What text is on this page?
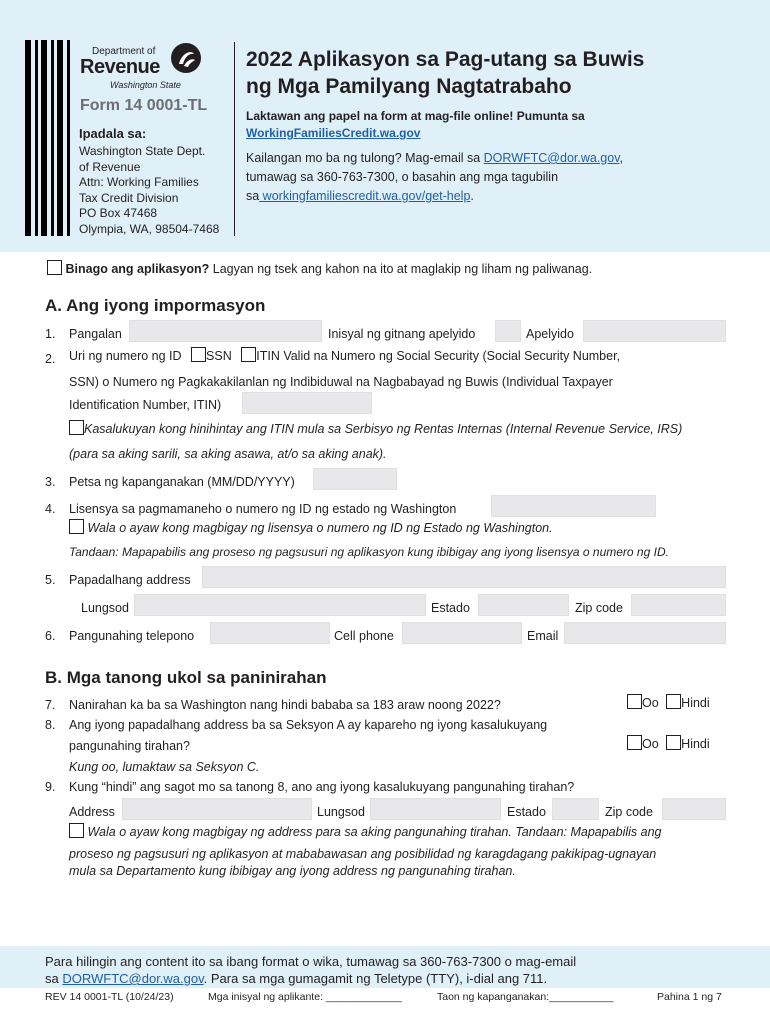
Department of
Revenue
Washington State
Form 14 0001-TL
Ipadala sa:
Washington State Dept.
of Revenue
Attn: Working Families
Tax Credit Division
PO Box 47468
Olympia, WA, 98504-7468
2022 Aplikasyon sa Pag-utang sa Buwis
ng Mga Pamilyang Nagtatrabaho
Laktawan ang papel na form at mag-file online! Pumunta sa
WorkingFamiliesCredit.wa.gov
Kailangan mo ba ng tulong? Mag-email sa DORWFTC@dor.wa.gov,
tumawag sa 360-763-7300, o basahin ang mga tagubilin
sa workingfamiliescredit.wa.gov/get-help.
Binago ang aplikasyon? Lagyan ng tsek ang kahon na ito at maglakip ng liham ng paliwanag.
A. Ang iyong impormasyon
1. Pangalan	Inisyal ng gitnang apelyido	Apelyido
2. Uri ng numero ng ID SSN ITIN Valid na Numero ng Social Security (Social Security Number,
SSN) o Numero ng Pagkakakilanlan ng Indibiduwal na Nagbabayad ng Buwis (Individual Taxpayer
Identification Number, ITIN)
Kasalukuyan kong hinihintay ang ITIN mula sa Serbisyo ng Rentas Internas (Internal Revenue Service, IRS)
(para sa aking sarili, sa aking asawa, at/o sa aking anak).
3. Petsa ng kapanganakan (MM/DD/YYYY)
4. Lisensya sa pagmamaneho o numero ng ID ng estado ng Washington
Wala o ayaw kong magbigay ng lisensya o numero ng ID ng Estado ng Washington.
Tandaan: Mapapabilis ang proseso ng pagsusuri ng aplikasyon kung ibibigay ang iyong lisensya o numero ng ID.
5. Papadalhang address
Lungsod	Estado	Zip code
6. Pangunahing telepono	Cell phone	Email
B. Mga tanong ukol sa paninirahan
7. Nanirahan ka ba sa Washington nang hindi bababa sa 183 araw noong 2022?	Oo Hindi
8. Ang iyong papadalhang address ba sa Seksyon A ay kapareho ng iyong kasalukuyang
pangunahing tirahan?	Oo Hindi
Kung oo, lumaktaw sa Seksyon C.
9. Kung “hindi” ang sagot mo sa tanong 8, ano ang iyong kasalukuyang pangunahing tirahan?
Address	Lungsod	Estado	Zip code
Wala o ayaw kong magbigay ng address para sa aking pangunahing tirahan. Tandaan: Mapapabilis ang
proseso ng pagsusuri ng aplikasyon at mababawasan ang posibilidad ng karagdagang pakikipag-ugnayan
mula sa Departamento kung ibibigay ang iyong address ng pangunahing tirahan.
Para hilingin ang content ito sa ibang format o wika, tumawag sa 360-763-7300 o mag-email
sa DORWFTC@dor.wa.gov. Para sa mga gumagamit ng Teletype (TTY), i-dial ang 711.
REV 14 0001-TL (10/24/23)	Mga inisyal ng aplikante: _____________	Taon ng kapanganakan:___________	Pahina 1 ng 7
